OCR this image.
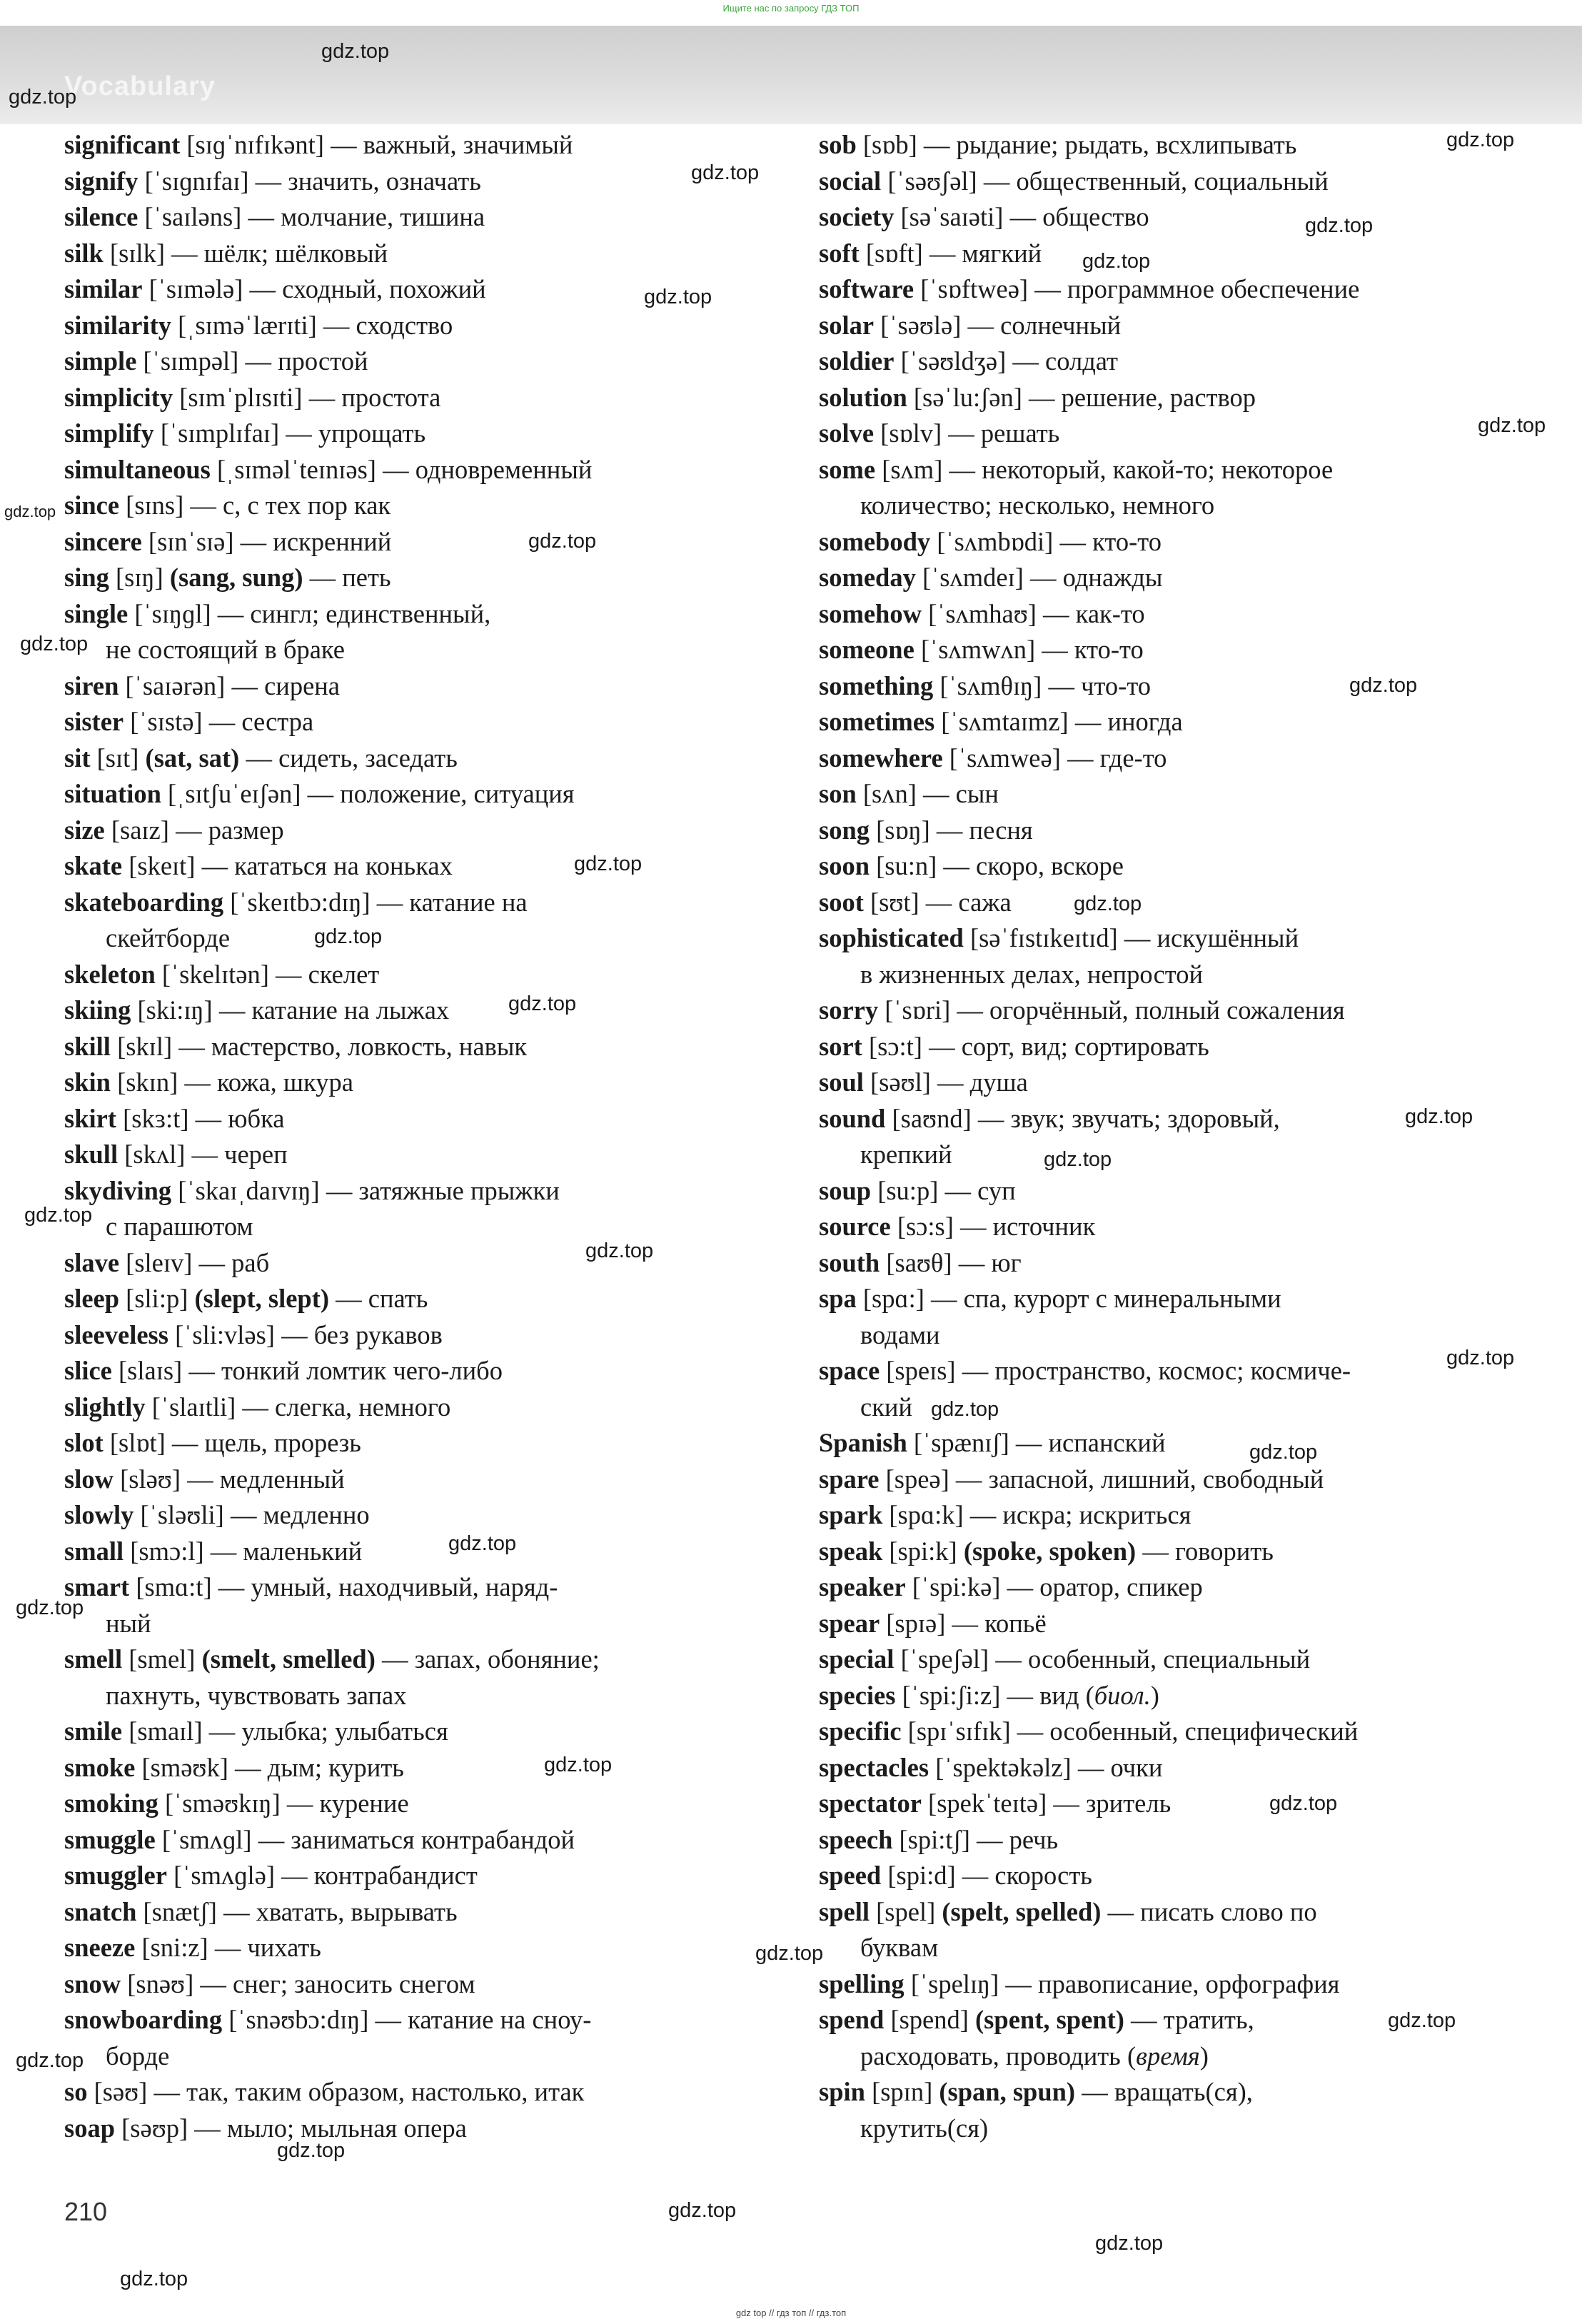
Ищите нас по запросу ГДЗ ТОП
Vocabulary
significant [sɪɡˈnɪfɪkənt] — важный, значимый
signify [ˈsɪɡnɪfaɪ] — значить, означать
silence [ˈsaɪləns] — молчание, тишина
silk [sɪlk] — шёлк; шёлковый
similar [ˈsɪmələ] — сходный, похожий
similarity [ˌsɪməˈlærɪti] — сходство
simple [ˈsɪmpəl] — простой
simplicity [sɪmˈplɪsɪti] — простота
simplify [ˈsɪmplɪfaɪ] — упрощать
simultaneous [ˌsɪməlˈteɪnɪəs] — одновременный
since [sɪns] — с, с тех пор как
sincere [sɪnˈsɪə] — искренний
sing [sɪŋ] (sang, sung) — петь
single [ˈsɪŋɡl] — сингл; единственный,
не состоящий в браке
siren [ˈsaɪərən] — сирена
sister [ˈsɪstə] — сестра
sit [sɪt] (sat, sat) — сидеть, заседать
situation [ˌsɪtʃuˈeɪʃən] — положение, ситуация
size [saɪz] — размер
skate [skeɪt] — кататься на коньках
skateboarding [ˈskeɪtbɔ:dɪŋ] — катание на
скейтборде
skeleton [ˈskelɪtən] — скелет
skiing [ski:ɪŋ] — катание на лыжах
skill [skɪl] — мастерство, ловкость, навык
skin [skɪn] — кожа, шкура
skirt [skɜ:t] — юбка
skull [skʌl] — череп
skydiving [ˈskaɪˌdaɪvɪŋ] — затяжные прыжки
с парашютом
slave [sleɪv] — раб
sleep [sli:p] (slept, slept) — спать
sleeveless [ˈsli:vləs] — без рукавов
slice [slaɪs] — тонкий ломтик чего-либо
slightly [ˈslaɪtli] — слегка, немного
slot [slɒt] — щель, прорезь
slow [sləʊ] — медленный
slowly [ˈsləʊli] — медленно
small [smɔ:l] — маленький
smart [smɑ:t] — умный, находчивый, наряд-
ный
smell [smel] (smelt, smelled) — запах, обоняние;
пахнуть, чувствовать запах
smile [smaɪl] — улыбка; улыбаться
smoke [sməʊk] — дым; курить
smoking [ˈsməʊkɪŋ] — курение
smuggle [ˈsmʌɡl] — заниматься контрабандой
smuggler [ˈsmʌɡlə] — контрабандист
snatch [snætʃ] — хватать, вырывать
sneeze [sni:z] — чихать
snow [snəʊ] — снег; заносить снегом
snowboarding [ˈsnəʊbɔ:dɪŋ] — катание на сноу-
борде
so [səʊ] — так, таким образом, настолько, итак
soap [səʊp] — мыло; мыльная опера
sob [sɒb] — рыдание; рыдать, всхлипывать
social [ˈsəʊʃəl] — общественный, социальный
society [səˈsaɪəti] — общество
soft [sɒft] — мягкий
software [ˈsɒftweə] — программное обеспечение
solar [ˈsəʊlə] — солнечный
soldier [ˈsəʊldʒə] — солдат
solution [səˈlu:ʃən] — решение, раствор
solve [sɒlv] — решать
some [sʌm] — некоторый, какой-то; некоторое
количество; несколько, немного
somebody [ˈsʌmbɒdi] — кто-то
someday [ˈsʌmdeɪ] — однажды
somehow [ˈsʌmhaʊ] — как-то
someone [ˈsʌmwʌn] — кто-то
something [ˈsʌmθɪŋ] — что-то
sometimes [ˈsʌmtaɪmz] — иногда
somewhere [ˈsʌmweə] — где-то
son [sʌn] — сын
song [sɒŋ] — песня
soon [su:n] — скоро, вскоре
soot [sʊt] — сажа
sophisticated [səˈfɪstɪkeɪtɪd] — искушённый
в жизненных делах, непростой
sorry [ˈsɒri] — огорчённый, полный сожаления
sort [sɔ:t] — сорт, вид; сортировать
soul [səʊl] — душа
sound [saʊnd] — звук; звучать; здоровый,
крепкий
soup [su:p] — суп
source [sɔ:s] — источник
south [saʊθ] — юг
spa [spɑ:] — спа, курорт с минеральными
водами
space [speɪs] — пространство, космос; космиче-
ский
Spanish [ˈspænɪʃ] — испанский
spare [speə] — запасной, лишний, свободный
spark [spɑ:k] — искра; искриться
speak [spi:k] (spoke, spoken) — говорить
speaker [ˈspi:kə] — оратор, спикер
spear [spɪə] — копьё
special [ˈspeʃəl] — особенный, специальный
species [ˈspi:ʃi:z] — вид (биол.)
specific [spɪˈsɪfɪk] — особенный, специфический
spectacles [ˈspektəkəlz] — очки
spectator [spekˈteɪtə] — зритель
speech [spi:tʃ] — речь
speed [spi:d] — скорость
spell [spel] (spelt, spelled) — писать слово по
буквам
spelling [ˈspelɪŋ] — правописание, орфография
spend [spend] (spent, spent) — тратить,
расходовать, проводить (время)
spin [spɪn] (span, spun) — вращать(ся),
крутить(ся)
210
gdz.top
gdz.top
gdz.top
gdz.top
gdz.top
gdz.top
gdz.top
gdz.top
gdz.top
gdz.top
gdz.top
gdz.top
gdz.top
gdz.top
gdz.top
gdz.top
gdz.top
gdz.top
gdz.top
gdz.top
gdz.top
gdz.top
gdz.top
gdz.top
gdz.top
gdz.top
gdz.top
gdz.top
gdz.top
gdz.top
gdz.top
gdz.top
gdz.top
gdz.top
gdz top // гдз топ // гдз.топ
